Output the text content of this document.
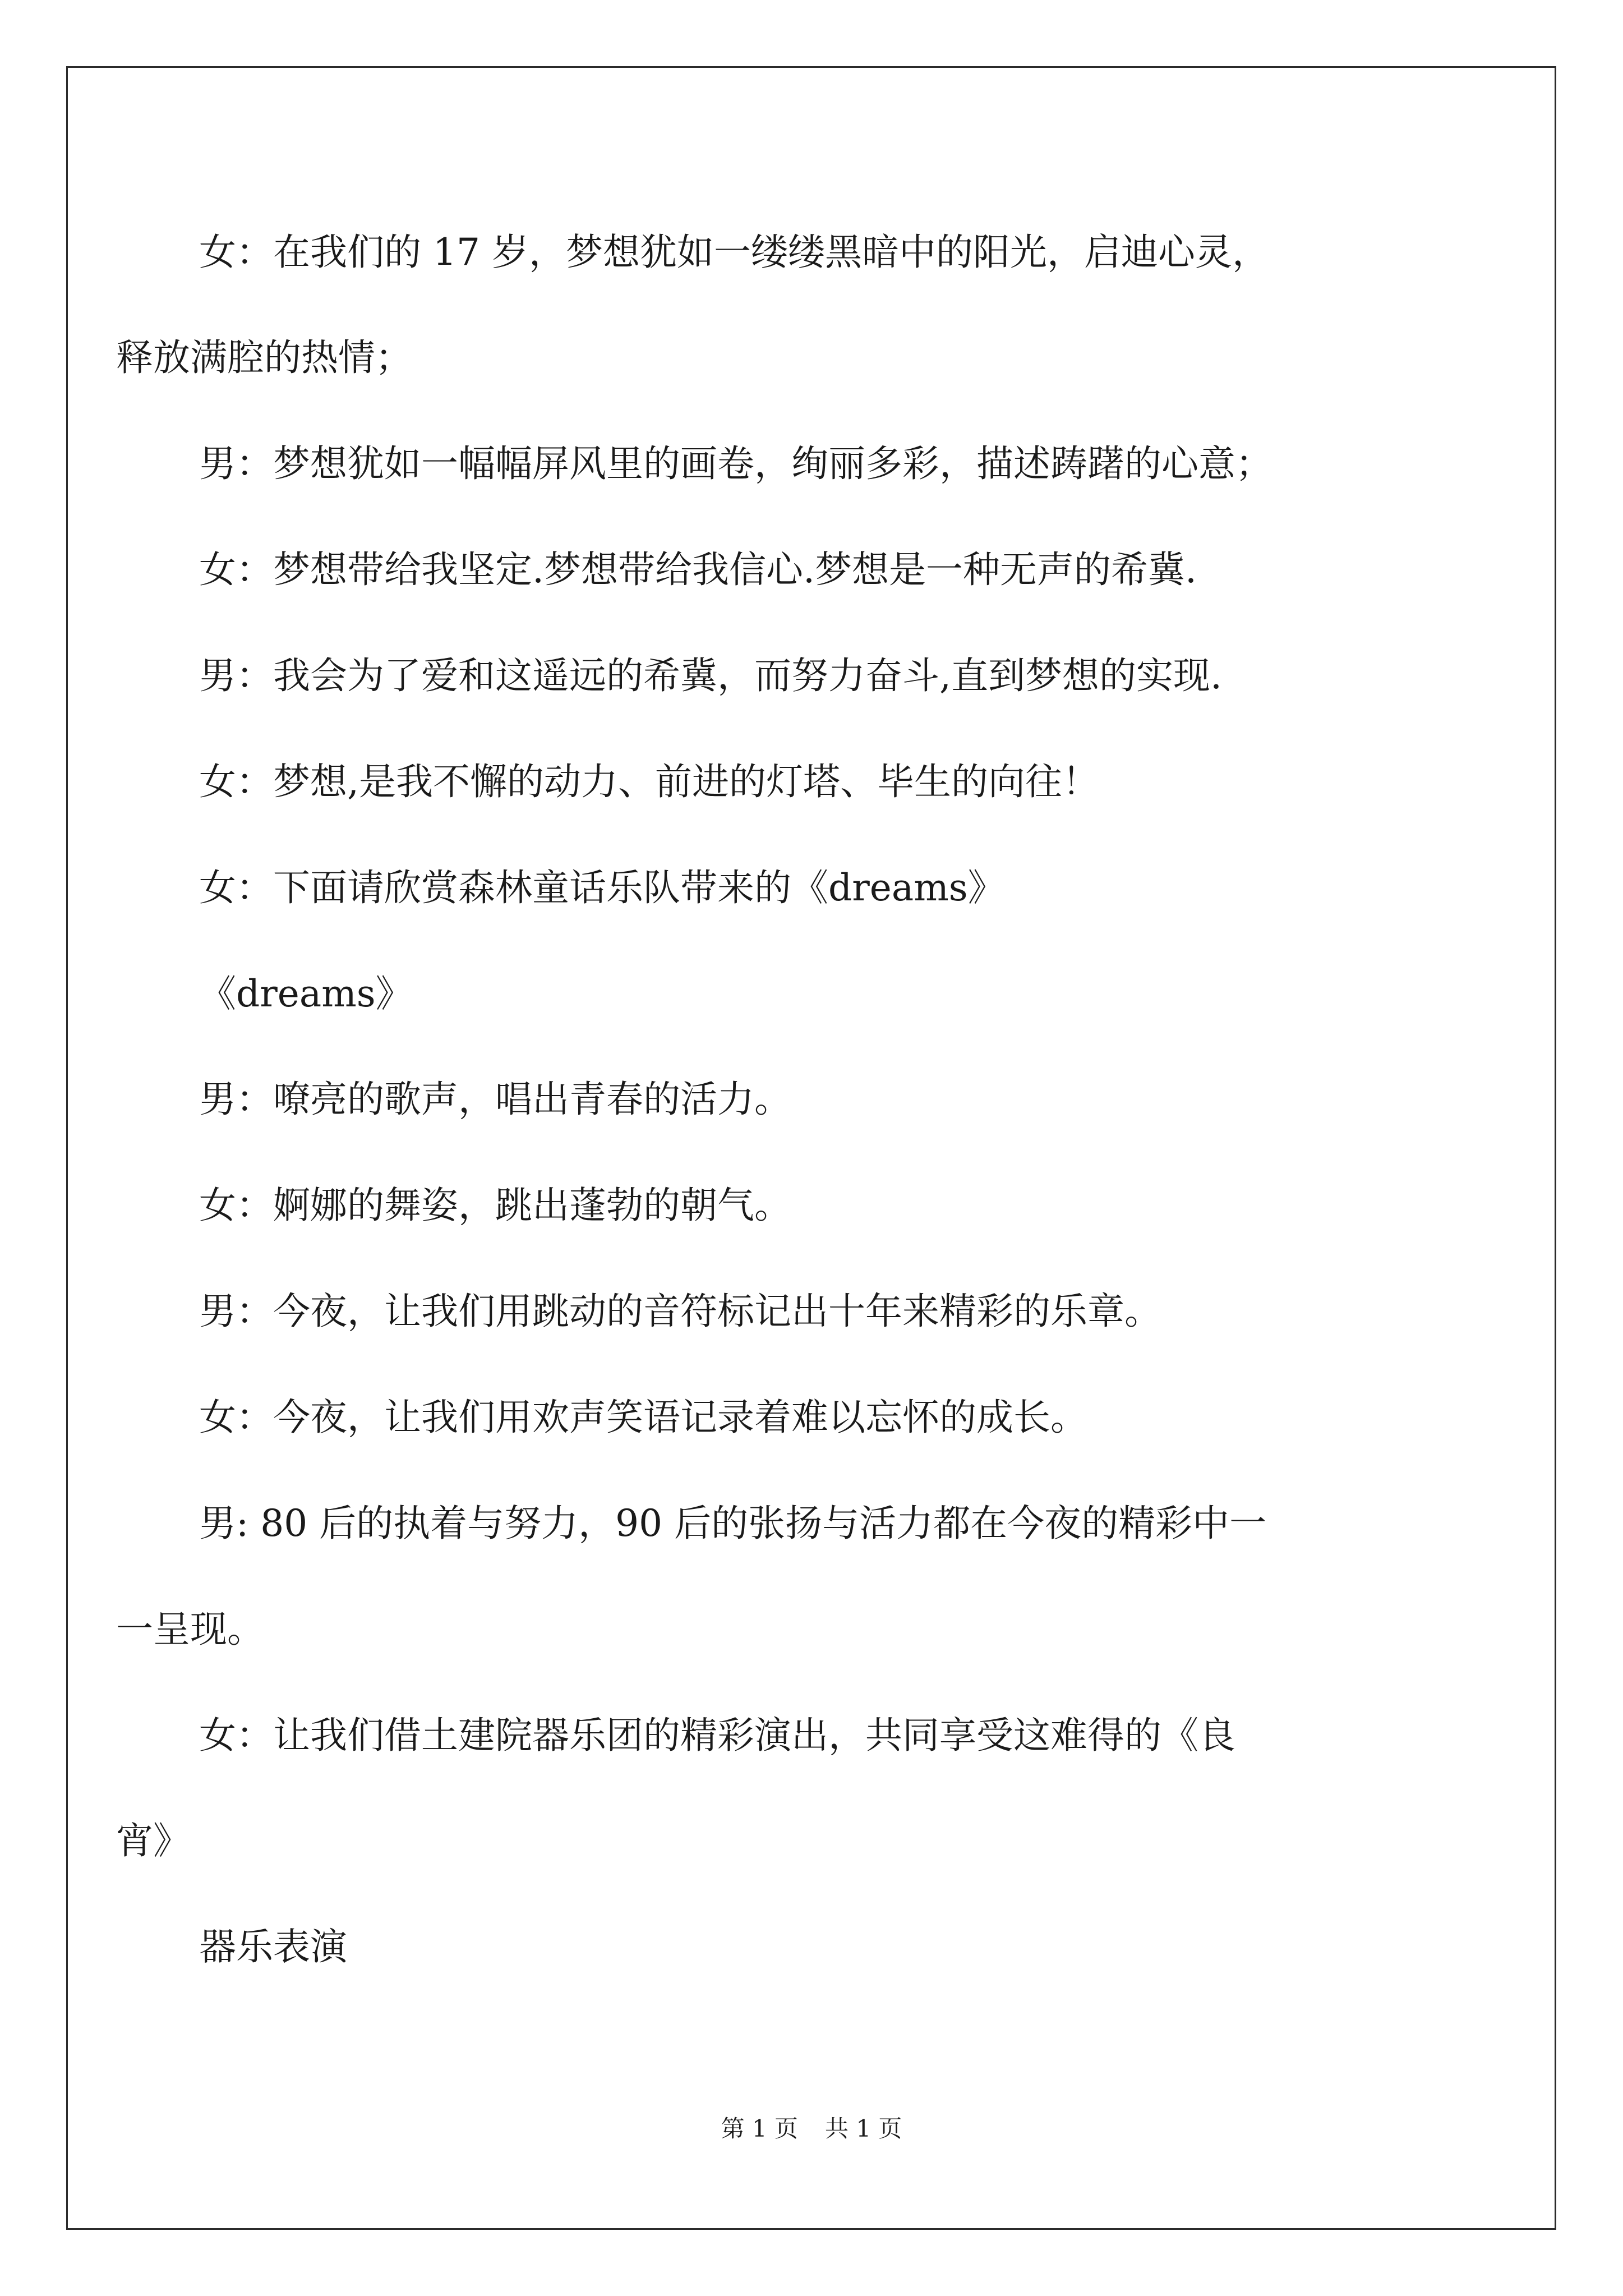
女：在我们的 17 岁，梦想犹如一缕缕黑暗中的阳光，启迪心灵，
释放满腔的热情；
男：梦想犹如一幅幅屏风里的画卷，绚丽多彩，描述踌躇的心意；
女：梦想带给我坚定.梦想带给我信心.梦想是一种无声的希冀.
男：我会为了爱和这遥远的希冀，而努力奋斗,直到梦想的实现.
女：梦想,是我不懈的动力、前进的灯塔、毕生的向往！
女：下面请欣赏森林童话乐队带来的《dreams》
《dreams》
男：嘹亮的歌声，唱出青春的活力。
女：婀娜的舞姿，跳出蓬勃的朝气。
男：今夜，让我们用跳动的音符标记出十年来精彩的乐章。
女：今夜，让我们用欢声笑语记录着难以忘怀的成长。
男: 80 后的执着与努力，90 后的张扬与活力都在今夜的精彩中一
一呈现。
女：让我们借土建院器乐团的精彩演出，共同享受这难得的《良
宵》
器乐表演
第 1 页 共 1 页
